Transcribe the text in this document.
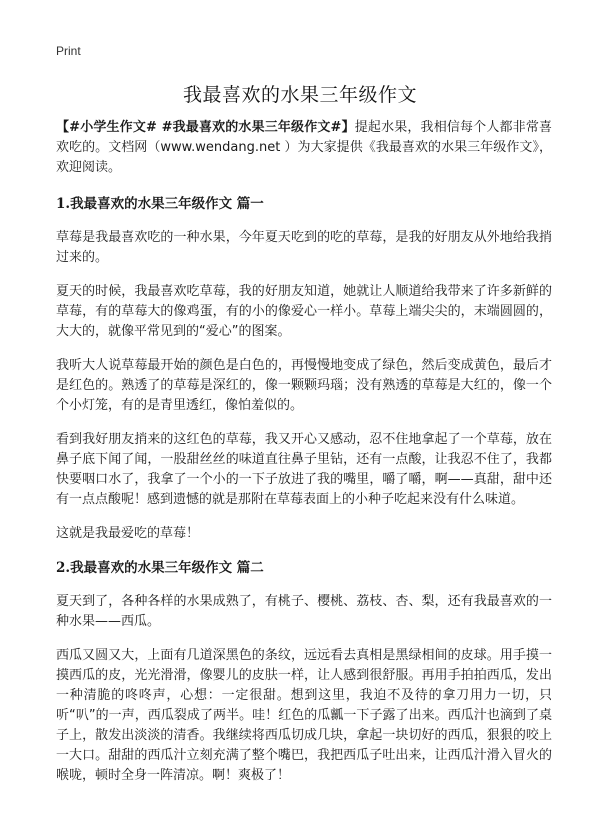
Print
我最喜欢的水果三年级作文

【#小学生作文# #我最喜欢的水果三年级作文#】提起水果，我相信每个人都非常喜欢吃的。文档网（www.wendang.net ）为大家提供《我最喜欢的水果三年级作文》，欢迎阅读。

1.我最喜欢的水果三年级作文 篇一

草莓是我最喜欢吃的一种水果，今年夏天吃到的吃的草莓，是我的好朋友从外地给我捎过来的。

夏天的时候，我最喜欢吃草莓，我的好朋友知道，她就让人顺道给我带来了许多新鲜的草莓，有的草莓大的像鸡蛋，有的小的像爱心一样小。草莓上端尖尖的，末端圆圆的，大大的，就像平常见到的“爱心”的图案。

我听大人说草莓最开始的颜色是白色的，再慢慢地变成了绿色，然后变成黄色，最后才是红色的。熟透了的草莓是深红的，像一颗颗玛瑙；没有熟透的草莓是大红的，像一个个小灯笼，有的是青里透红，像怕羞似的。

看到我好朋友捎来的这红色的草莓，我又开心又感动，忍不住地拿起了一个草莓，放在鼻子底下闻了闻，一股甜丝丝的味道直往鼻子里钻，还有一点酸，让我忍不住了，我都快要咽口水了，我拿了一个小的一下子放进了我的嘴里，嚼了嚼，啊——真甜，甜中还有一点点酸呢！感到遗憾的就是那附在草莓表面上的小种子吃起来没有什么味道。

这就是我最爱吃的草莓！

2.我最喜欢的水果三年级作文 篇二

夏天到了，各种各样的水果成熟了，有桃子、樱桃、荔枝、杏、梨，还有我最喜欢的一种水果——西瓜。

西瓜又圆又大，上面有几道深黑色的条纹，远远看去真相是黑绿相间的皮球。用手摸一摸西瓜的皮，光光滑滑，像婴儿的皮肤一样，让人感到很舒服。再用手拍拍西瓜，发出一种清脆的咚咚声，心想：一定很甜。想到这里，我迫不及待的拿刀用力一切，只听“叭”的一声，西瓜裂成了两半。哇！红色的瓜瓤一下子露了出来。西瓜汁也滴到了桌子上，散发出淡淡的清香。我继续将西瓜切成几块，拿起一块切好的西瓜，狠狠的咬上一大口。甜甜的西瓜汁立刻充满了整个嘴巴，我把西瓜子吐出来，让西瓜汁滑入冒火的喉咙，顿时全身一阵清凉。啊！爽极了！
